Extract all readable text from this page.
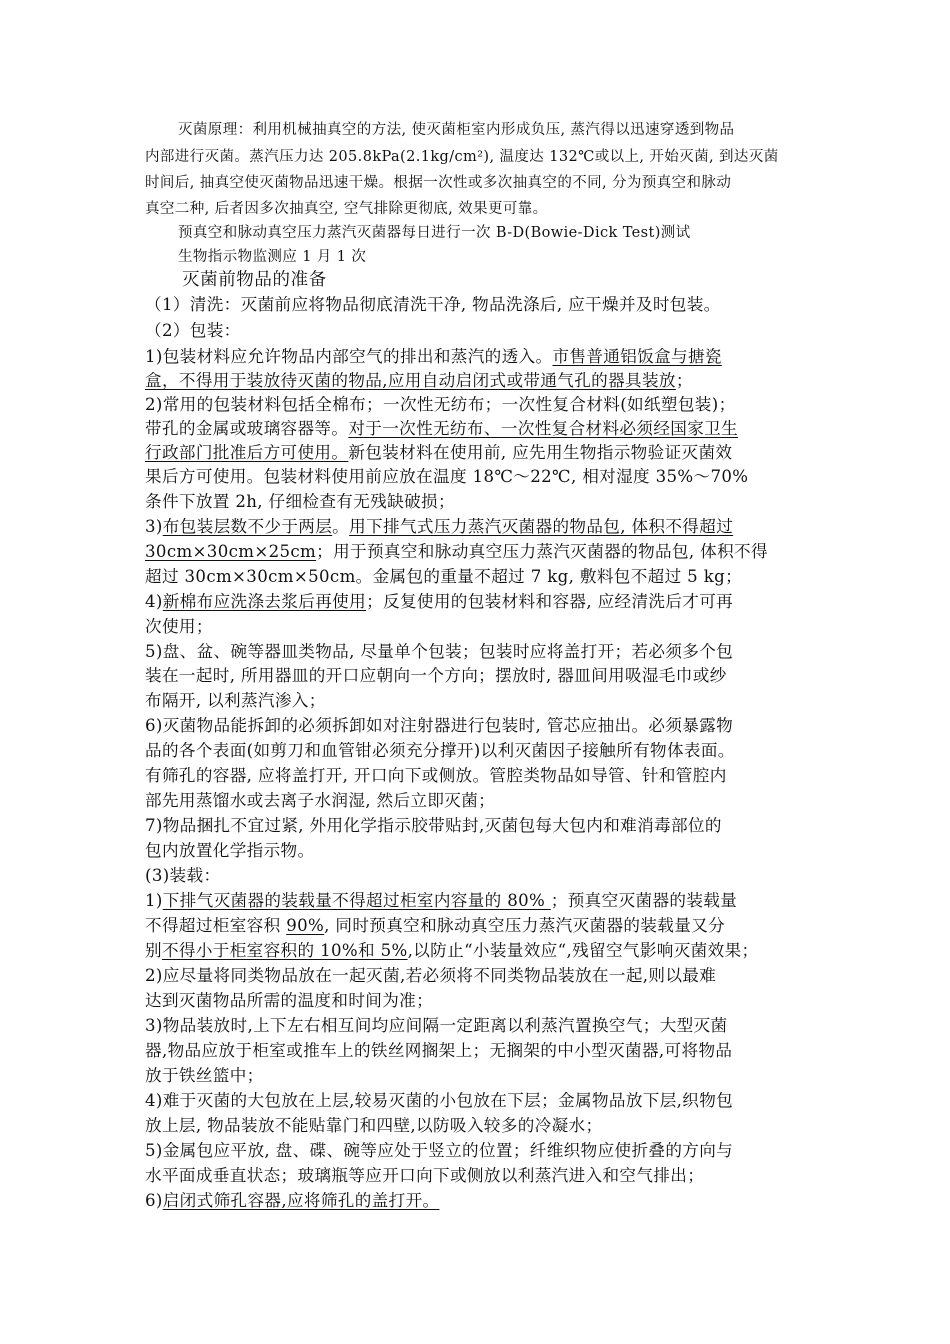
灭菌原理：利用机械抽真空的方法, 使灭菌柜室内形成负压, 蒸汽得以迅速穿透到物品
内部进行灭菌。蒸汽压力达 205.8kPa(2.1kg/cm²), 温度达 132℃或以上, 开始灭菌, 到达灭菌
时间后, 抽真空使灭菌物品迅速干燥。根据一次性或多次抽真空的不同, 分为预真空和脉动
真空二种, 后者因多次抽真空, 空气排除更彻底, 效果更可靠。
预真空和脉动真空压力蒸汽灭菌器每日进行一次 B-D(Bowie-Dick Test)测试
生物指示物监测应 1 月 1 次
灭菌前物品的准备
（1）清洗：灭菌前应将物品彻底清洗干净, 物品洗涤后, 应干燥并及时包装。
（2）包装：
1)包装材料应允许物品内部空气的排出和蒸汽的透入。市售普通铝饭盒与搪瓷
盒，不得用于装放待灭菌的物品,应用自动启闭式或带通气孔的器具装放；
2)常用的包装材料包括全棉布；一次性无纺布；一次性复合材料(如纸塑包装)；
带孔的金属或玻璃容器等。对于一次性无纺布、一次性复合材料必须经国家卫生
行政部门批准后方可使用。新包装材料在使用前, 应先用生物指示物验证灭菌效
果后方可使用。包装材料使用前应放在温度 18℃～22℃, 相对湿度 35%～70%
条件下放置 2h, 仔细检查有无残缺破损；
3)布包装层数不少于两层。用下排气式压力蒸汽灭菌器的物品包, 体积不得超过
30cm×30cm×25cm；用于预真空和脉动真空压力蒸汽灭菌器的物品包, 体积不得
超过 30cm×30cm×50cm。金属包的重量不超过 7 kg, 敷料包不超过 5 kg；
4)新棉布应洗涤去浆后再使用；反复使用的包装材料和容器, 应经清洗后才可再
次使用；
5)盘、盆、碗等器皿类物品, 尽量单个包装；包装时应将盖打开；若必须多个包
装在一起时, 所用器皿的开口应朝向一个方向；摆放时, 器皿间用吸湿毛巾或纱
布隔开, 以利蒸汽渗入；
6)灭菌物品能拆卸的必须拆卸如对注射器进行包装时, 管芯应抽出。必须暴露物
品的各个表面(如剪刀和血管钳必须充分撑开)以利灭菌因子接触所有物体表面。
有筛孔的容器, 应将盖打开, 开口向下或侧放。管腔类物品如导管、针和管腔内
部先用蒸馏水或去离子水润湿, 然后立即灭菌；
7)物品捆扎不宜过紧, 外用化学指示胶带贴封,灭菌包每大包内和难消毒部位的
包内放置化学指示物。
(3)装载：
1)下排气灭菌器的装载量不得超过柜室内容量的 80% ；预真空灭菌器的装载量
不得超过柜室容积 90%, 同时预真空和脉动真空压力蒸汽灭菌器的装载量又分
别不得小于柜室容积的 10%和 5%,以防止“小装量效应“,残留空气影响灭菌效果；
2)应尽量将同类物品放在一起灭菌,若必须将不同类物品装放在一起,则以最难
达到灭菌物品所需的温度和时间为准；
3)物品装放时,上下左右相互间均应间隔一定距离以利蒸汽置换空气；大型灭菌
器,物品应放于柜室或推车上的铁丝网搁架上；无搁架的中小型灭菌器,可将物品
放于铁丝篮中；
4)难于灭菌的大包放在上层,较易灭菌的小包放在下层；金属物品放下层,织物包
放上层, 物品装放不能贴靠门和四壁,以防吸入较多的冷凝水；
5)金属包应平放, 盘、碟、碗等应处于竖立的位置；纤维织物应使折叠的方向与
水平面成垂直状态；玻璃瓶等应开口向下或侧放以利蒸汽进入和空气排出；
6)启闭式筛孔容器,应将筛孔的盖打开。
